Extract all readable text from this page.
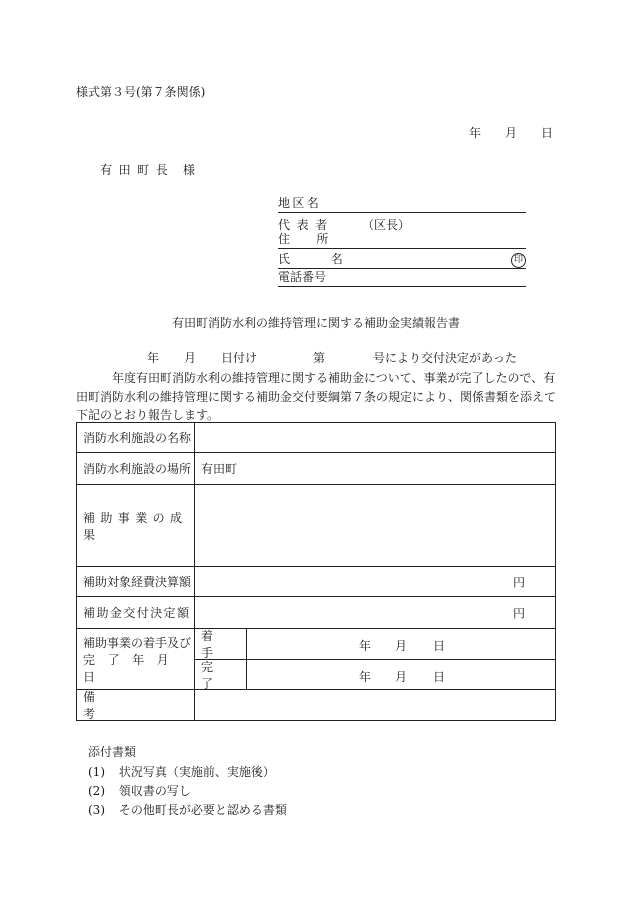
様式第３号(第７条関係)
年 月 日
有田町長 様
地区名
代表者 （区長）
住所
氏名	印
電話番号
有田町消防水利の維持管理に関する補助金実績報告書
年 月 日付け	第	号により交付決定があった
年度有田町消防水利の維持管理に関する補助金について、事業が完了したので、有
田町消防水利の維持管理に関する補助金交付要綱第７条の規定により、関係書類を添えて
下記のとおり報告します。
消防水利施設の名称
消防水利施設の場所 有田町
補助事業の成果
補助対象経費決算額	円
補助金交付決定額	円
補助事業の着手及び
完了年月日
着手	年 月 日
完了	年 月 日
備考
添付書類
(1) 状況写真（実施前、実施後）
(2) 領収書の写し
(3) その他町長が必要と認める書類
